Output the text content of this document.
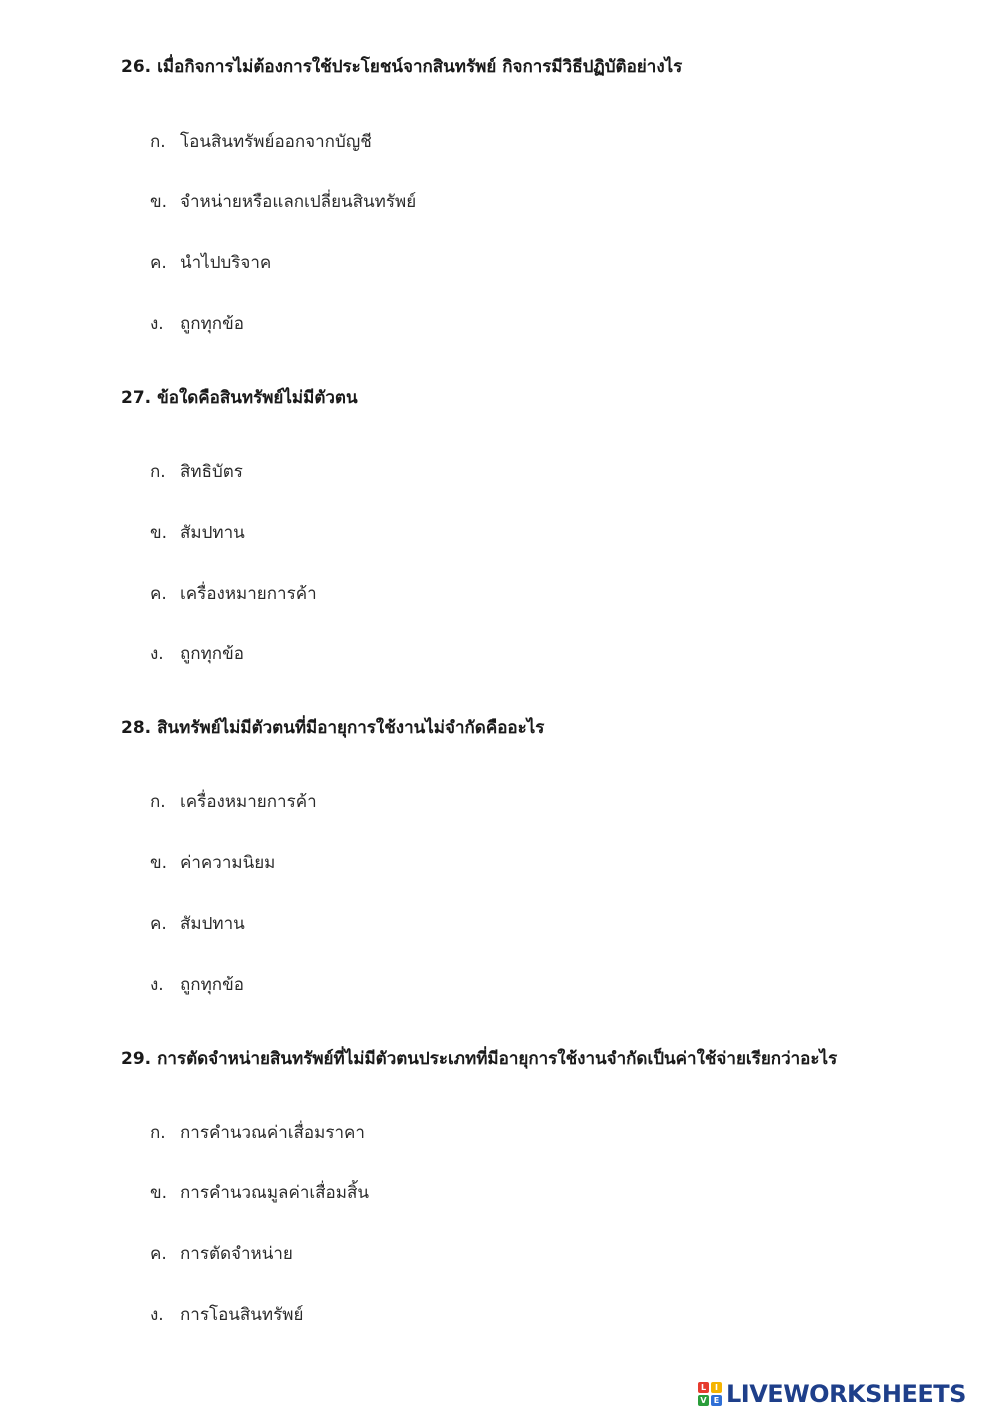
26. เมื่อกิจการไม่ต้องการใช้ประโยชน์จากสินทรัพย์ กิจการมีวิธีปฏิบัติอย่างไร
ก. โอนสินทรัพย์ออกจากบัญชี
ข. จำหน่ายหรือแลกเปลี่ยนสินทรัพย์
ค. นำไปบริจาค
ง. ถูกทุกข้อ
27. ข้อใดคือสินทรัพย์ไม่มีตัวตน
ก. สิทธิบัตร
ข. สัมปทาน
ค. เครื่องหมายการค้า
ง. ถูกทุกข้อ
28. สินทรัพย์ไม่มีตัวตนที่มีอายุการใช้งานไม่จำกัดคืออะไร
ก. เครื่องหมายการค้า
ข. ค่าความนิยม
ค. สัมปทาน
ง. ถูกทุกข้อ
29. การตัดจำหน่ายสินทรัพย์ที่ไม่มีตัวตนประเภทที่มีอายุการใช้งานจำกัดเป็นค่าใช้จ่ายเรียกว่าอะไร
ก. การคำนวณค่าเสื่อมราคา
ข. การคำนวณมูลค่าเสื่อมสิ้น
ค. การตัดจำหน่าย
ง. การโอนสินทรัพย์
L	I
V E LIVEWORKSHEETS
